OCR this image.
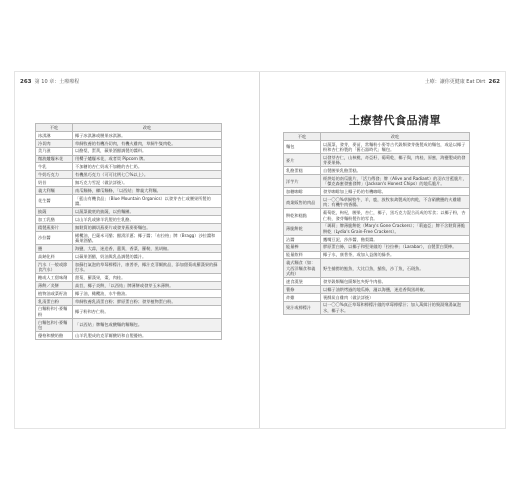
263 第 10 章：土療療程	土療：讓你更健康 Eat Dirt 262
土療替代食品清單
不吃	改吃
冰淇淋	椰子冰淇淋或腰果冰淇淋。
冷切肉	草飼牧養的有機冷切肉，有機火雞肉，草飼牛隻肉乾。
美乃滋	以酪梨，蛋黃，蘋果酒醋調製的醬料。
微波爐爆米花	用櫻子爐爆米花，或者買 Pipcorn 牌。
牛乳	不加糖的杏仁奶或不加糖的杏仁奶。
牛奶巧克力	有機黑巧克力（可可比例七〇%以上）。
奶昔	無巧克力雪泥（做法詳後）。
義大利麵	南瓜麵條，櫛瓜麵條，「以西結」牌義大利麵。
花生醬	「藍山有機食品」（Blue Mountain Organics）以發芽杏仁或腰果所製的醬。
披薩	以蔬菜做底的披薩，以煎麵團。
加工乳酪	以山羊乳或綿羊乳製的生乳酪。
精製燕麥片	無麩質的鋼切燕麥片或發芽燕麥麥麵包。
沙拉醬	橄欖油，巴薩米可醋；醋漬洋蔥；椰子醬；「布拉格」牌（Bragg）沙拉醬和蘋果酒醋。
鹽	海鹽，大蒜，迷迭香，薑黃，香菜，羅勒，黑胡椒。
高鈉化料	以蘋果酒醋，奶油與乳品調製的醬汁。
汽水（一般或節食汽水）	加蘇打氣泡的草莓檸檬汁，康普茶，椰汁克菲爾飲品，添加甜菊或羅漢果的蘇打水。
糖或人工甜味劑	甜菊，羅漢果，棗，肉桂。
薄餅／炎餅	高苣，椰子炎餅，「以西結」牌薄餅或發芽玉米薄餅。
植物油或菜籽油	椰子油，橄欖油，水牛酪油。
乳清蛋白粉	草飼牧養乳清蛋白粉；膠原蛋白粉；發芽植物蛋白粉。
白麵粉和小麥麵粉	椰子粉和杏仁粉。
白麵包和小麥麵包	「以西結」牌麵包或酸麵的麵麵包。
優格和酸奶酪	山羊乳製成的克菲爾酸奶和自製優格。
不吃	改吃
麵包	以蔬菜，發芽，麥苗，常麵粉小麥等古代穀類發芽後製成的麵包，或是以椰子粉和杏仁粉製的「舊石器時代」麵包。
麥片	以發芽杏仁，山核桃，奇亞籽，葡萄乾，椰子與，肉桂，原蜜，海鹽製成的發芽麥果條。
乳酪蛋糕	自製腰果乳酪蛋糕。
洋芋片	經烘焙的南瓜脆片，「活力傳發」牌（Alive and Radiant）的羽衣甘藍脆片，「傑克森蜜發蜜發牌」（Jackson's Honest Chips）的地瓜脆片。
加糖咖啡	發芽咖啡加上椰子奶的有機咖啡。
商業販售的肉品	以一〇〇%草飼牧牛，羊，鹿，放牧家禽製成的肉乾，不含硝酸鹽的火雞燻肉；有機牛肉香腸。
餅乾和糕點	葡萄乾，枸杞，腰果，杏仁，椰子，黑巧克力混合而成的零食；以椰子粉，杏仁粉，發芽麵粉製作的零食。
薄脆餅乾	「瑪莉」牌薄脆餅乾（Mary's Gone Crackers）；「莉迪亞」牌不含麩質薄脆餅乾（Lydia's Grain-Free Crackers）。
沾醬	鷹嘴豆泥，莎莎醬，酪梨醬。
能量棒	膠原蛋白條，以椰子和堅果做的「拉拉棒」（Larabar），自製蛋白質棒。
能量飲料	椰子水，康普茶，或加入益菌的綠茶。
義式麵食（如：大西洋麵食和義式餃）	野生捕撈的鮭魚，大比目魚，鯖魚，沙丁魚，石斑魚。
速食漢堡	發芽穀類麵包饃類包夾野牛肉排。
薯條	以椰子油烘烤過的地瓜條，灑以海鹽，迷迭香與黑胡椒。
炸雞	裹酥炭自雞肉（做法詳後）
果汁或檸檬汁	以一〇〇%真正草莓和檸檬汁做的草莓檸檬汁；加入萬緝汁的聚湯聚湯氣泡水，椰子水。
